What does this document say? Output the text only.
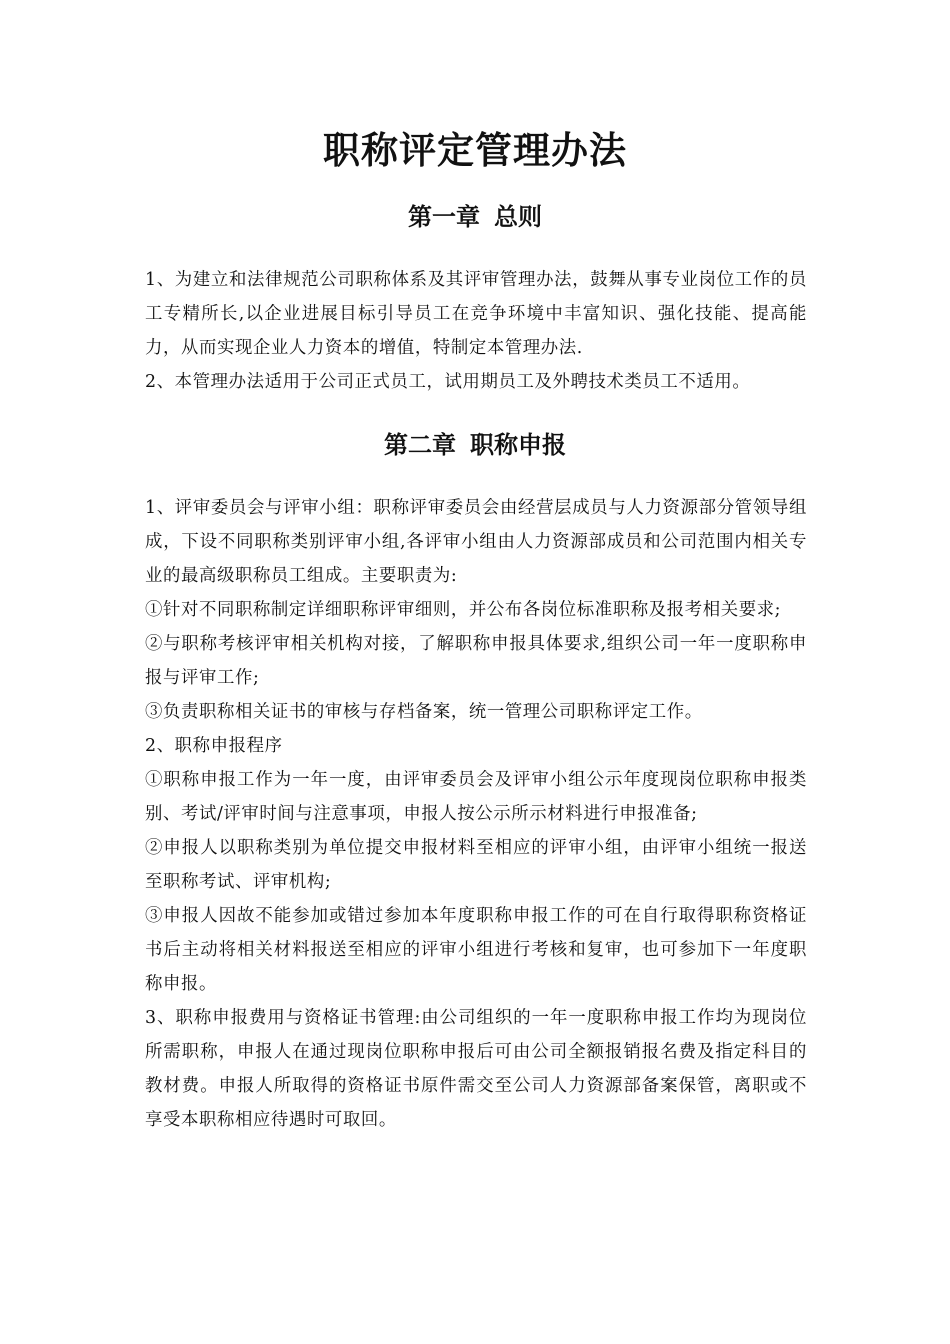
职称评定管理办法
第一章 总则

1、为建立和法律规范公司职称体系及其评审管理办法，鼓舞从事专业岗位工作的员工专精所长,以企业进展目标引导员工在竞争环境中丰富知识、强化技能、提高能力，从而实现企业人力资本的增值，特制定本管理办法.

2、本管理办法适用于公司正式员工，试用期员工及外聘技术类员工不适用。

第二章 职称申报

1、评审委员会与评审小组：职称评审委员会由经营层成员与人力资源部分管领导组成，下设不同职称类别评审小组,各评审小组由人力资源部成员和公司范围内相关专业的最高级职称员工组成。主要职责为:

①针对不同职称制定详细职称评审细则，并公布各岗位标准职称及报考相关要求;

②与职称考核评审相关机构对接，了解职称申报具体要求,组织公司一年一度职称申报与评审工作;

③负责职称相关证书的审核与存档备案，统一管理公司职称评定工作。

2、职称申报程序

①职称申报工作为一年一度，由评审委员会及评审小组公示年度现岗位职称申报类别、考试/评审时间与注意事项，申报人按公示所示材料进行申报准备;

②申报人以职称类别为单位提交申报材料至相应的评审小组，由评审小组统一报送至职称考试、评审机构;

③申报人因故不能参加或错过参加本年度职称申报工作的可在自行取得职称资格证书后主动将相关材料报送至相应的评审小组进行考核和复审，也可参加下一年度职称申报。

3、职称申报费用与资格证书管理:由公司组织的一年一度职称申报工作均为现岗位所需职称，申报人在通过现岗位职称申报后可由公司全额报销报名费及指定科目的教材费。申报人所取得的资格证书原件需交至公司人力资源部备案保管，离职或不享受本职称相应待遇时可取回。
